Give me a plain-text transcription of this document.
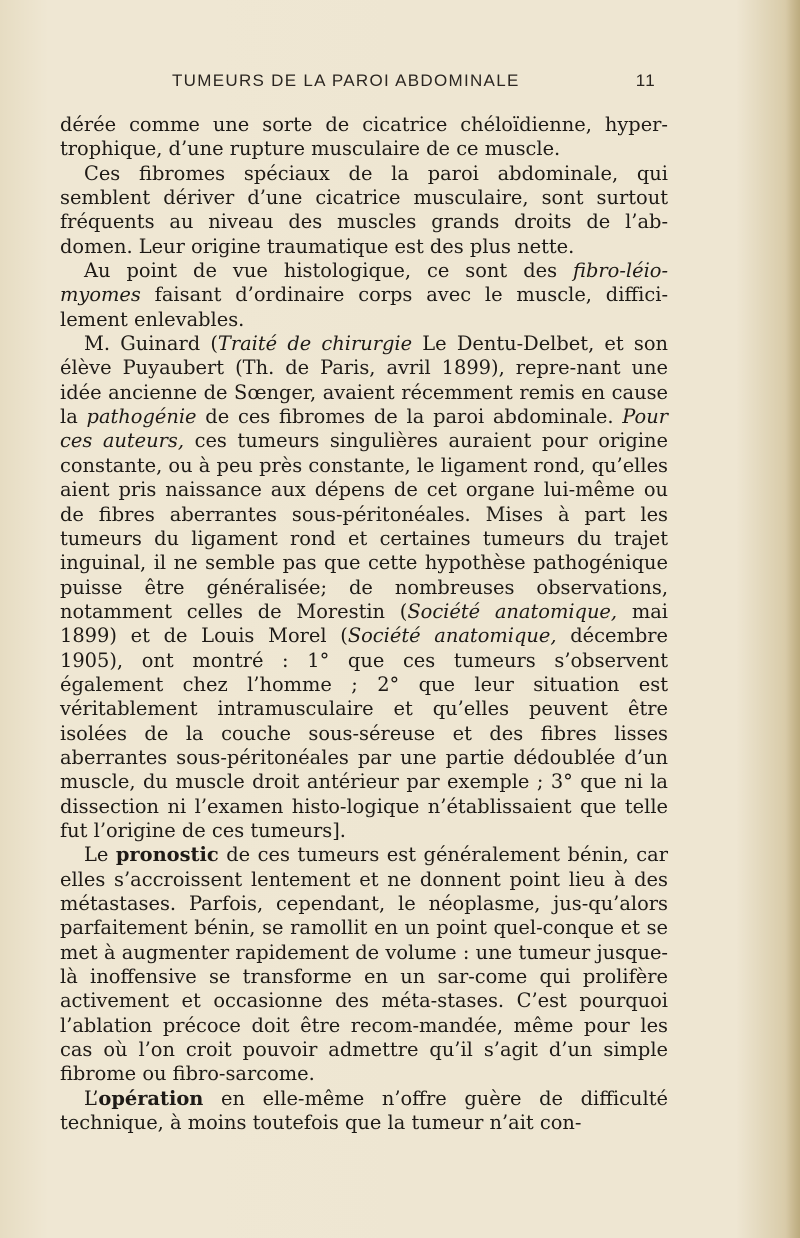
TUMEURS DE LA PAROI ABDOMINALE	11

dérée comme une sorte de cicatrice chéloïdienne, hyper-trophique, d’une rupture musculaire de ce muscle.

Ces fibromes spéciaux de la paroi abdominale, qui semblent dériver d’une cicatrice musculaire, sont surtout fréquents au niveau des muscles grands droits de l’ab-domen. Leur origine traumatique est des plus nette.

Au point de vue histologique, ce sont des fibro-léio-myomes faisant d’ordinaire corps avec le muscle, diffici-lement enlevables.

M. Guinard (Traité de chirurgie Le Dentu-Delbet, et son élève Puyaubert (Th. de Paris, avril 1899), repre-nant une idée ancienne de Sœnger, avaient récemment remis en cause la pathogénie de ces fibromes de la paroi abdominale. Pour ces auteurs, ces tumeurs singulières auraient pour origine constante, ou à peu près constante, le ligament rond, qu’elles aient pris naissance aux dépens de cet organe lui-même ou de fibres aberrantes sous-péritonéales. Mises à part les tumeurs du ligament rond et certaines tumeurs du trajet inguinal, il ne semble pas que cette hypothèse pathogénique puisse être généralisée; de nombreuses observations, notamment celles de Morestin (Société anatomique, mai 1899) et de Louis Morel (Société anatomique, décembre 1905), ont montré : 1° que ces tumeurs s’observent également chez l’homme ; 2° que leur situation est véritablement intramusculaire et qu’elles peuvent être isolées de la couche sous-séreuse et des fibres lisses aberrantes sous-péritonéales par une partie dédoublée d’un muscle, du muscle droit antérieur par exemple ; 3° que ni la dissection ni l’examen histo-logique n’établissaient que telle fut l’origine de ces tumeurs].

Le pronostic de ces tumeurs est généralement bénin, car elles s’accroissent lentement et ne donnent point lieu à des métastases. Parfois, cependant, le néoplasme, jus-qu’alors parfaitement bénin, se ramollit en un point quel-conque et se met à augmenter rapidement de volume : une tumeur jusque-là inoffensive se transforme en un sar-come qui prolifère activement et occasionne des méta-stases. C’est pourquoi l’ablation précoce doit être recom-mandée, même pour les cas où l’on croit pouvoir admettre qu’il s’agit d’un simple fibrome ou fibro-sarcome.

L’opération en elle-même n’offre guère de difficulté technique, à moins toutefois que la tumeur n’ait con-
